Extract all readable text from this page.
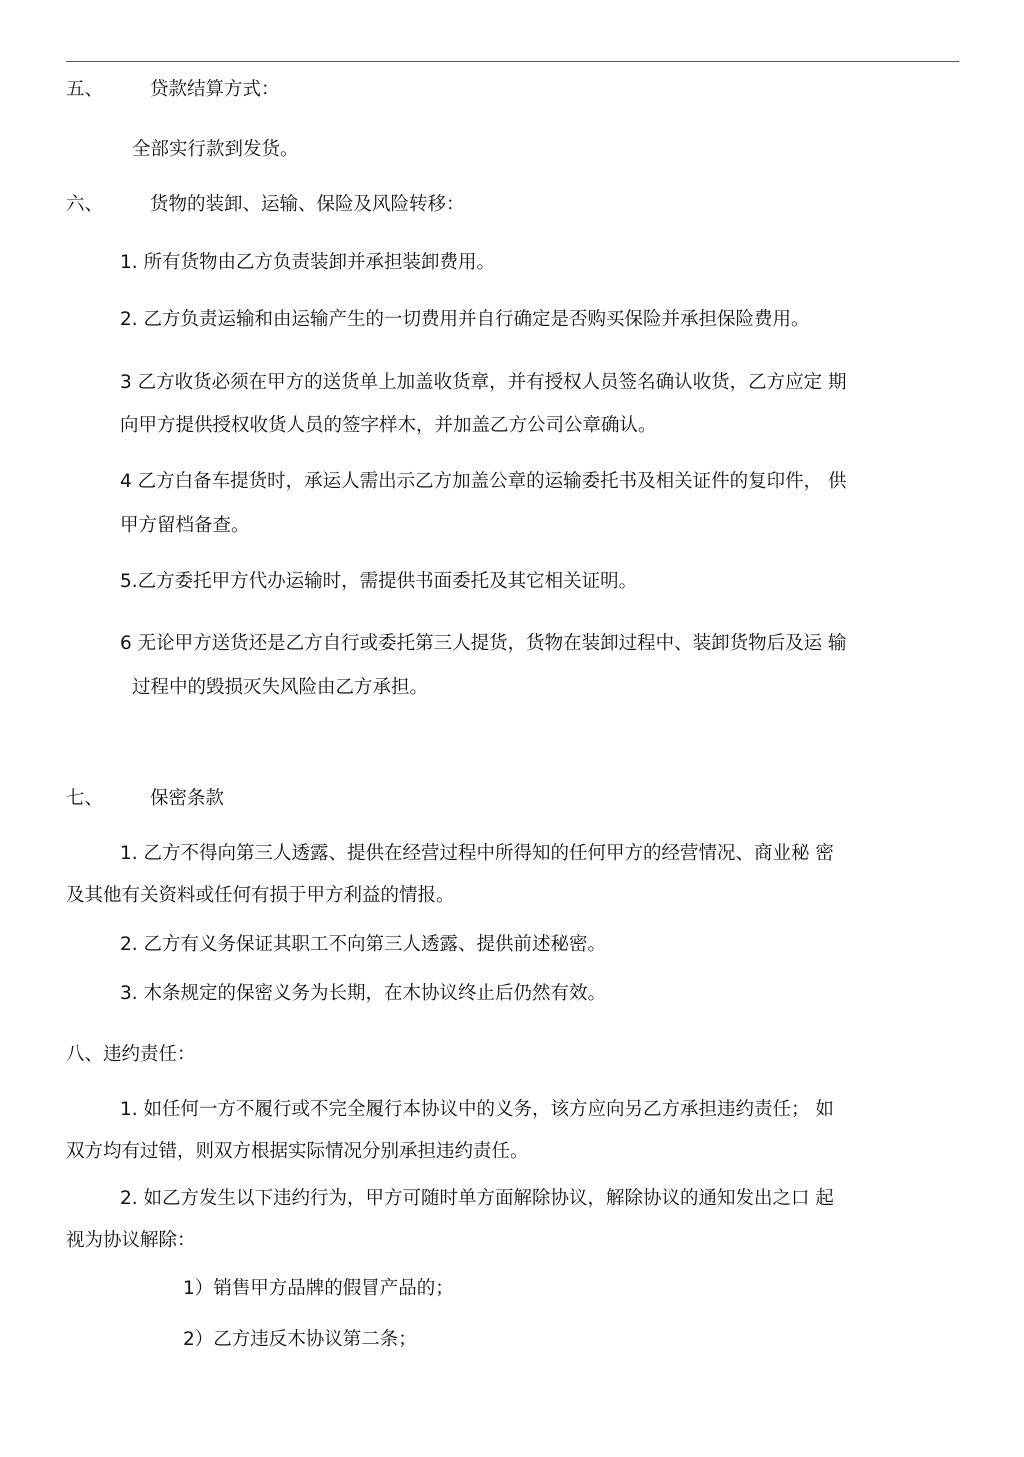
五、	贷款结算方式：
全部实行款到发货。
六、	货物的装卸、运输、保险及风险转移：
1. 所有货物由乙方负责装卸并承担装卸费用。
2. 乙方负责运输和由运输产生的一切费用并自行确定是否购买保险并承担保险费用。
3 乙方收货必须在甲方的送货单上加盖收货章，并有授权人员签名确认收货，乙方应定 期
向甲方提供授权收货人员的签字样木，并加盖乙方公司公章确认。
4 乙方白备车提货时，承运人需出示乙方加盖公章的运输委托书及相关证件的复印件， 供
甲方留档备查。
5.乙方委托甲方代办运输时，需提供书面委托及其它相关证明。
6 无论甲方送货还是乙方自行或委托第三人提货，货物在装卸过程中、装卸货物后及运 输
过程中的毁损灭失风险由乙方承担。
七、	保密条款
1. 乙方不得向第三人透露、提供在经营过程中所得知的任何甲方的经营情况、商业秘 密
及其他有关资料或任何有损于甲方利益的情报。
2. 乙方有义务保证其职工不向第三人透露、提供前述秘密。
3. 木条规定的保密义务为长期，在木协议终止后仍然有效。
八、违约责任：
1. 如任何一方不履行或不完全履行本协议中的义务，该方应向另乙方承担违约责任； 如
双方均有过错，则双方根据实际情况分别承担违约责任。
2. 如乙方发生以下违约行为，甲方可随时单方面解除协议，解除协议的通知发出之口 起
视为协议解除：
1）销售甲方品牌的假冒产品的；
2）乙方违反木协议第二条；
